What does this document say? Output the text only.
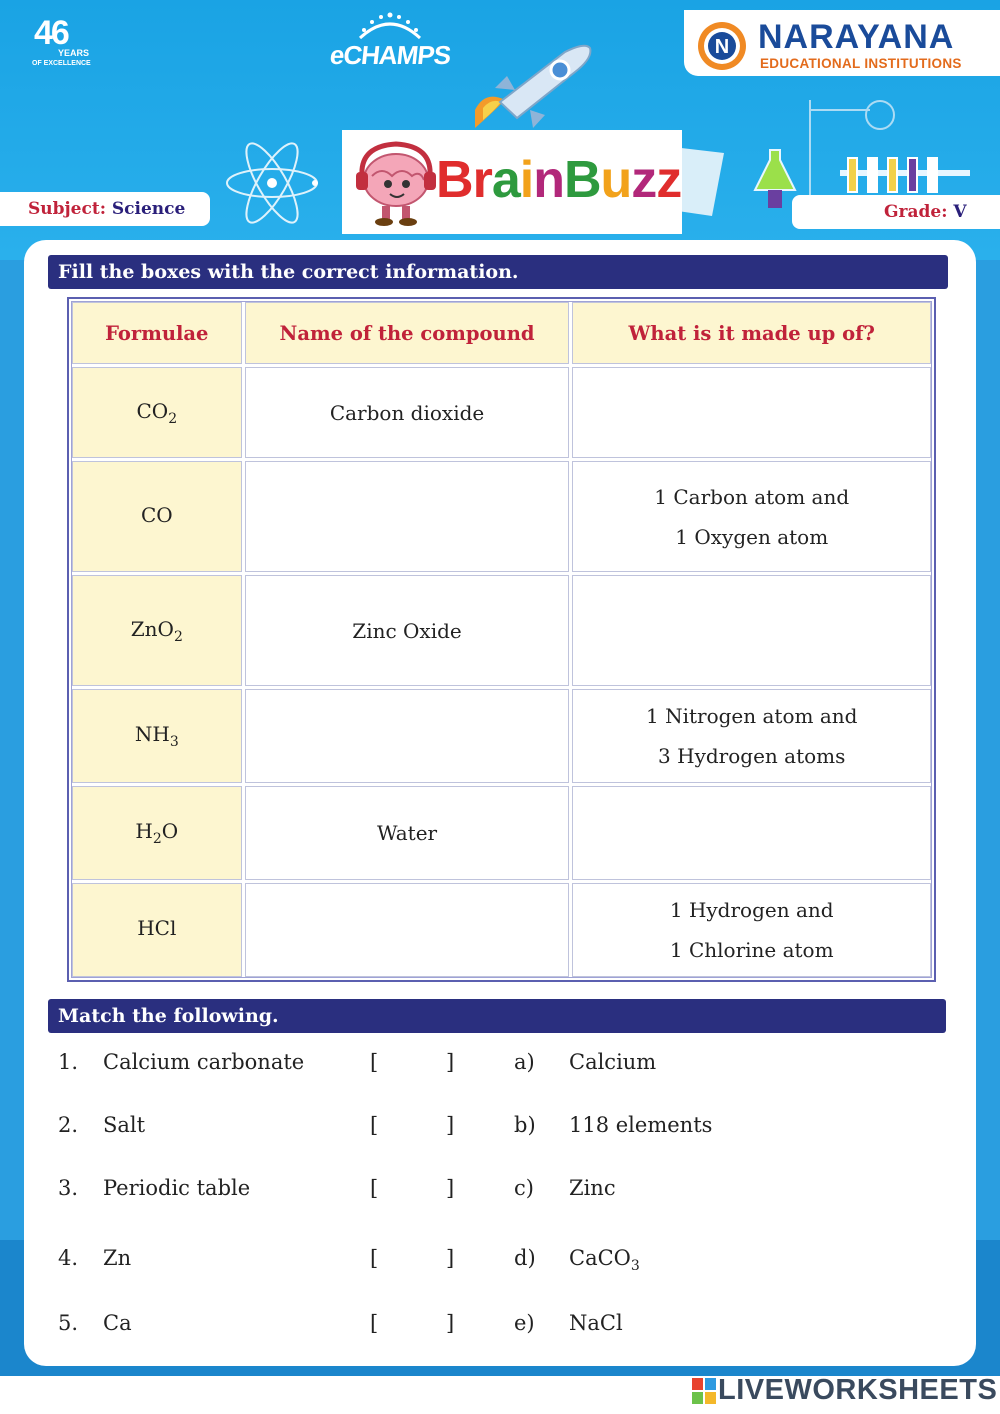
46
YEARS
OF EXCELLENCE	eCHAMPS	N NARAYANA
EDUCATIONAL INSTITUTIONS
BrainBuzz
Subject: Science	Grade: V
Fill the boxes with the correct information.
Formulae	Name of the compound	What is it made up of?
$CO_2$	Carbon dioxide	

CO		1 Carbon atom and
1 Oxygen atom

ZnO$_2$	Zinc Oxide	

$NH_3$		1 Nitrogen atom and
3 Hydrogen atoms

$H_2O$	Water	

HCl		1 Hydrogen and
1 Chlorine atom
Match the following.
1. Calcium carbonate	[	]	a) Calcium
2. Salt	[	]	b) 118 elements
3. Periodic table	[	]	c) Zinc
4. Zn	[	]	d) CaCO$_3$
5. Ca	[	]	e) NaCl
LIVEWORKSHEETS
